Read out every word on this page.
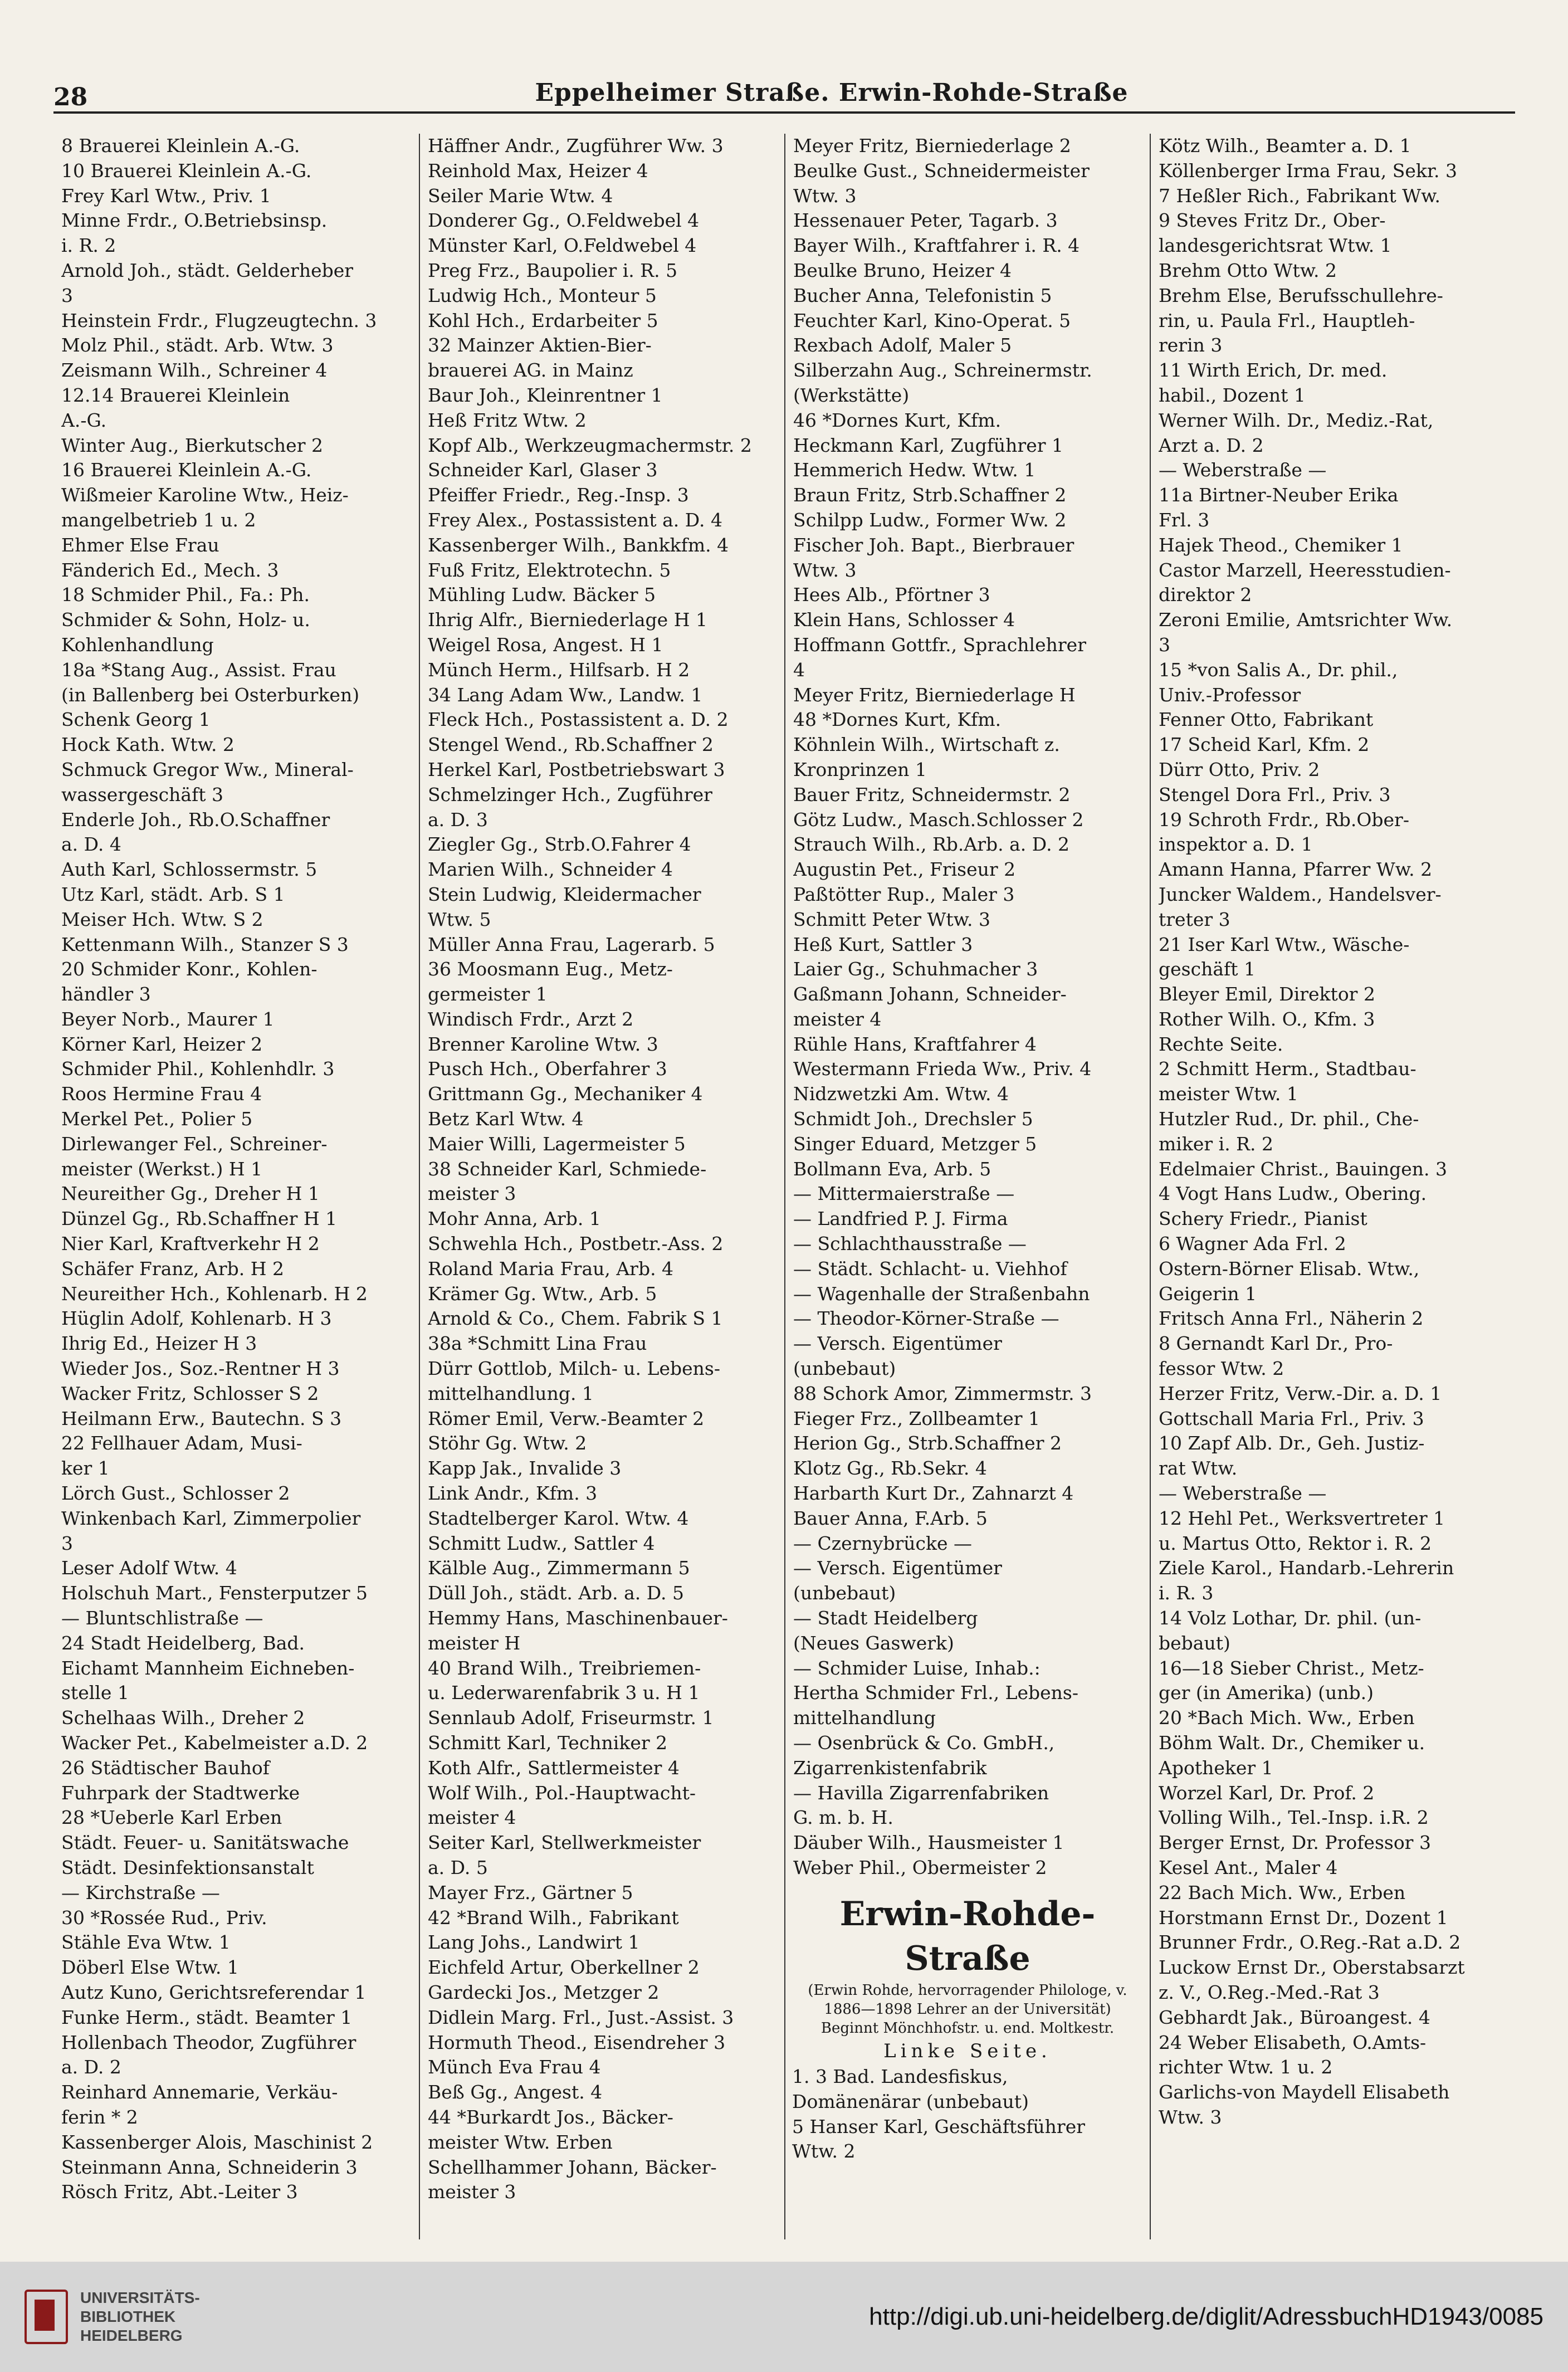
28	Eppelheimer Straße. Erwin-Rohde-Straße
8 Brauerei Kleinlein A.-G.
10 Brauerei Kleinlein A.-G.
Frey Karl Wtw., Priv. 1
Minne Frdr., O.Betriebsinsp.
i. R. 2
Arnold Joh., städt. Gelderheber
3
Heinstein Frdr., Flugzeugtechn. 3
Molz Phil., städt. Arb. Wtw. 3
Zeismann Wilh., Schreiner 4
12.14 Brauerei Kleinlein
A.-G.
Winter Aug., Bierkutscher 2
16 Brauerei Kleinlein A.-G.
Wißmeier Karoline Wtw., Heiz-
mangelbetrieb 1 u. 2
Ehmer Else Frau
Fänderich Ed., Mech. 3
18 Schmider Phil., Fa.: Ph.
Schmider & Sohn, Holz- u.
Kohlenhandlung
18a *Stang Aug., Assist. Frau
(in Ballenberg bei Osterburken)
Schenk Georg 1
Hock Kath. Wtw. 2
Schmuck Gregor Ww., Mineral-
wassergeschäft 3
Enderle Joh., Rb.O.Schaffner
a. D. 4
Auth Karl, Schlossermstr. 5
Utz Karl, städt. Arb. S 1
Meiser Hch. Wtw. S 2
Kettenmann Wilh., Stanzer S 3
20 Schmider Konr., Kohlen-
händler 3
Beyer Norb., Maurer 1
Körner Karl, Heizer 2
Schmider Phil., Kohlenhdlr. 3
Roos Hermine Frau 4
Merkel Pet., Polier 5
Dirlewanger Fel., Schreiner-
meister (Werkst.) H 1
Neureither Gg., Dreher H 1
Dünzel Gg., Rb.Schaffner H 1
Nier Karl, Kraftverkehr H 2
Schäfer Franz, Arb. H 2
Neureither Hch., Kohlenarb. H 2
Hüglin Adolf, Kohlenarb. H 3
Ihrig Ed., Heizer H 3
Wieder Jos., Soz.-Rentner H 3
Wacker Fritz, Schlosser S 2
Heilmann Erw., Bautechn. S 3
22 Fellhauer Adam, Musi-
ker 1
Lörch Gust., Schlosser 2
Winkenbach Karl, Zimmerpolier
3
Leser Adolf Wtw. 4
Holschuh Mart., Fensterputzer 5
— Bluntschlistraße —
24 Stadt Heidelberg, Bad.
Eichamt Mannheim Eichneben-
stelle 1
Schelhaas Wilh., Dreher 2
Wacker Pet., Kabelmeister a.D. 2
26 Städtischer Bauhof
Fuhrpark der Stadtwerke
28 *Ueberle Karl Erben
Städt. Feuer- u. Sanitätswache
Städt. Desinfektionsanstalt
— Kirchstraße —
30 *Rossée Rud., Priv.
Stähle Eva Wtw. 1
Döberl Else Wtw. 1
Autz Kuno, Gerichtsreferendar 1
Funke Herm., städt. Beamter 1
Hollenbach Theodor, Zugführer
a. D. 2
Reinhard Annemarie, Verkäu-
ferin * 2
Kassenberger Alois, Maschinist 2
Steinmann Anna, Schneiderin 3
Rösch Fritz, Abt.-Leiter 3
Häffner Andr., Zugführer Ww. 3
Reinhold Max, Heizer 4
Seiler Marie Wtw. 4
Donderer Gg., O.Feldwebel 4
Münster Karl, O.Feldwebel 4
Preg Frz., Baupolier i. R. 5
Ludwig Hch., Monteur 5
Kohl Hch., Erdarbeiter 5
32 Mainzer Aktien-Bier-
brauerei AG. in Mainz
Baur Joh., Kleinrentner 1
Heß Fritz Wtw. 2
Kopf Alb., Werkzeugmachermstr. 2
Schneider Karl, Glaser 3
Pfeiffer Friedr., Reg.-Insp. 3
Frey Alex., Postassistent a. D. 4
Kassenberger Wilh., Bankkfm. 4
Fuß Fritz, Elektrotechn. 5
Mühling Ludw. Bäcker 5
Ihrig Alfr., Bierniederlage H 1
Weigel Rosa, Angest. H 1
Münch Herm., Hilfsarb. H 2
34 Lang Adam Ww., Landw. 1
Fleck Hch., Postassistent a. D. 2
Stengel Wend., Rb.Schaffner 2
Herkel Karl, Postbetriebswart 3
Schmelzinger Hch., Zugführer
a. D. 3
Ziegler Gg., Strb.O.Fahrer 4
Marien Wilh., Schneider 4
Stein Ludwig, Kleidermacher
Wtw. 5
Müller Anna Frau, Lagerarb. 5
36 Moosmann Eug., Metz-
germeister 1
Windisch Frdr., Arzt 2
Brenner Karoline Wtw. 3
Pusch Hch., Oberfahrer 3
Grittmann Gg., Mechaniker 4
Betz Karl Wtw. 4
Maier Willi, Lagermeister 5
38 Schneider Karl, Schmiede-
meister 3
Mohr Anna, Arb. 1
Schwehla Hch., Postbetr.-Ass. 2
Roland Maria Frau, Arb. 4
Krämer Gg. Wtw., Arb. 5
Arnold & Co., Chem. Fabrik S 1
38a *Schmitt Lina Frau
Dürr Gottlob, Milch- u. Lebens-
mittelhandlung. 1
Römer Emil, Verw.-Beamter 2
Stöhr Gg. Wtw. 2
Kapp Jak., Invalide 3
Link Andr., Kfm. 3
Stadtelberger Karol. Wtw. 4
Schmitt Ludw., Sattler 4
Kälble Aug., Zimmermann 5
Düll Joh., städt. Arb. a. D. 5
Hemmy Hans, Maschinenbauer-
meister H
40 Brand Wilh., Treibriemen-
u. Lederwarenfabrik 3 u. H 1
Sennlaub Adolf, Friseurmstr. 1
Schmitt Karl, Techniker 2
Koth Alfr., Sattlermeister 4
Wolf Wilh., Pol.-Hauptwacht-
meister 4
Seiter Karl, Stellwerkmeister
a. D. 5
Mayer Frz., Gärtner 5
42 *Brand Wilh., Fabrikant
Lang Johs., Landwirt 1
Eichfeld Artur, Oberkellner 2
Gardecki Jos., Metzger 2
Didlein Marg. Frl., Just.-Assist. 3
Hormuth Theod., Eisendreher 3
Münch Eva Frau 4
Beß Gg., Angest. 4
44 *Burkardt Jos., Bäcker-
meister Wtw. Erben
Schellhammer Johann, Bäcker-
meister 3
Meyer Fritz, Bierniederlage 2
Beulke Gust., Schneidermeister
Wtw. 3
Hessenauer Peter, Tagarb. 3
Bayer Wilh., Kraftfahrer i. R. 4
Beulke Bruno, Heizer 4
Bucher Anna, Telefonistin 5
Feuchter Karl, Kino-Operat. 5
Rexbach Adolf, Maler 5
Silberzahn Aug., Schreinermstr.
(Werkstätte)
46 *Dornes Kurt, Kfm.
Heckmann Karl, Zugführer 1
Hemmerich Hedw. Wtw. 1
Braun Fritz, Strb.Schaffner 2
Schilpp Ludw., Former Ww. 2
Fischer Joh. Bapt., Bierbrauer
Wtw. 3
Hees Alb., Pförtner 3
Klein Hans, Schlosser 4
Hoffmann Gottfr., Sprachlehrer
4
Meyer Fritz, Bierniederlage H
48 *Dornes Kurt, Kfm.
Köhnlein Wilh., Wirtschaft z.
Kronprinzen 1
Bauer Fritz, Schneidermstr. 2
Götz Ludw., Masch.Schlosser 2
Strauch Wilh., Rb.Arb. a. D. 2
Augustin Pet., Friseur 2
Paßtötter Rup., Maler 3
Schmitt Peter Wtw. 3
Heß Kurt, Sattler 3
Laier Gg., Schuhmacher 3
Gaßmann Johann, Schneider-
meister 4
Rühle Hans, Kraftfahrer 4
Westermann Frieda Ww., Priv. 4
Nidzwetzki Am. Wtw. 4
Schmidt Joh., Drechsler 5
Singer Eduard, Metzger 5
Bollmann Eva, Arb. 5
— Mittermaierstraße —
— Landfried P. J. Firma
— Schlachthausstraße —
— Städt. Schlacht- u. Viehhof
— Wagenhalle der Straßenbahn
— Theodor-Körner-Straße —
— Versch. Eigentümer
(unbebaut)
88 Schork Amor, Zimmermstr. 3
Fieger Frz., Zollbeamter 1
Herion Gg., Strb.Schaffner 2
Klotz Gg., Rb.Sekr. 4
Harbarth Kurt Dr., Zahnarzt 4
Bauer Anna, F.Arb. 5
— Czernybrücke —
— Versch. Eigentümer
(unbebaut)
— Stadt Heidelberg
(Neues Gaswerk)
— Schmider Luise, Inhab.:
Hertha Schmider Frl., Lebens-
mittelhandlung
— Osenbrück & Co. GmbH.,
Zigarrenkistenfabrik
— Havilla Zigarrenfabriken
G. m. b. H.
Däuber Wilh., Hausmeister 1
Weber Phil., Obermeister 2
Erwin-Rohde-Straße
(Erwin Rohde, hervorragender Philologe, v. 1886—1898 Lehrer an der Universität)
Beginnt Mönchhofstr. u. end. Moltkestr.
Linke Seite.
1. 3 Bad. Landesfiskus,
Domänenärar (unbebaut)
5 Hanser Karl, Geschäftsführer
Wtw. 2
Kötz Wilh., Beamter a. D. 1
Köllenberger Irma Frau, Sekr. 3
7 Heßler Rich., Fabrikant Ww.
9 Steves Fritz Dr., Ober-
landesgerichtsrat Wtw. 1
Brehm Otto Wtw. 2
Brehm Else, Berufsschullehre-
rin, u. Paula Frl., Hauptleh-
rerin 3
11 Wirth Erich, Dr. med.
habil., Dozent 1
Werner Wilh. Dr., Mediz.-Rat,
Arzt a. D. 2
— Weberstraße —
11a Birtner-Neuber Erika
Frl. 3
Hajek Theod., Chemiker 1
Castor Marzell, Heeresstudien-
direktor 2
Zeroni Emilie, Amtsrichter Ww.
3
15 *von Salis A., Dr. phil.,
Univ.-Professor
Fenner Otto, Fabrikant
17 Scheid Karl, Kfm. 2
Dürr Otto, Priv. 2
Stengel Dora Frl., Priv. 3
19 Schroth Frdr., Rb.Ober-
inspektor a. D. 1
Amann Hanna, Pfarrer Ww. 2
Juncker Waldem., Handelsver-
treter 3
21 Iser Karl Wtw., Wäsche-
geschäft 1
Bleyer Emil, Direktor 2
Rother Wilh. O., Kfm. 3
Rechte Seite.
2 Schmitt Herm., Stadtbau-
meister Wtw. 1
Hutzler Rud., Dr. phil., Che-
miker i. R. 2
Edelmaier Christ., Bauingen. 3
4 Vogt Hans Ludw., Obering.
Schery Friedr., Pianist
6 Wagner Ada Frl. 2
Ostern-Börner Elisab. Wtw.,
Geigerin 1
Fritsch Anna Frl., Näherin 2
8 Gernandt Karl Dr., Pro-
fessor Wtw. 2
Herzer Fritz, Verw.-Dir. a. D. 1
Gottschall Maria Frl., Priv. 3
10 Zapf Alb. Dr., Geh. Justiz-
rat Wtw.
— Weberstraße —
12 Hehl Pet., Werksvertreter 1
u. Martus Otto, Rektor i. R. 2
Ziele Karol., Handarb.-Lehrerin
i. R. 3
14 Volz Lothar, Dr. phil. (un-
bebaut)
16—18 Sieber Christ., Metz-
ger (in Amerika) (unb.)
20 *Bach Mich. Ww., Erben
Böhm Walt. Dr., Chemiker u.
Apotheker 1
Worzel Karl, Dr. Prof. 2
Volling Wilh., Tel.-Insp. i.R. 2
Berger Ernst, Dr. Professor 3
Kesel Ant., Maler 4
22 Bach Mich. Ww., Erben
Horstmann Ernst Dr., Dozent 1
Brunner Frdr., O.Reg.-Rat a.D. 2
Luckow Ernst Dr., Oberstabsarzt
z. V., O.Reg.-Med.-Rat 3
Gebhardt Jak., Büroangest. 4
24 Weber Elisabeth, O.Amts-
richter Wtw. 1 u. 2
Garlichs-von Maydell Elisabeth
Wtw. 3
UNIVERSITÄTS-
BIBLIOTHEK
HEIDELBERG
http://digi.ub.uni-heidelberg.de/diglit/AdressbuchHD1943/0085
